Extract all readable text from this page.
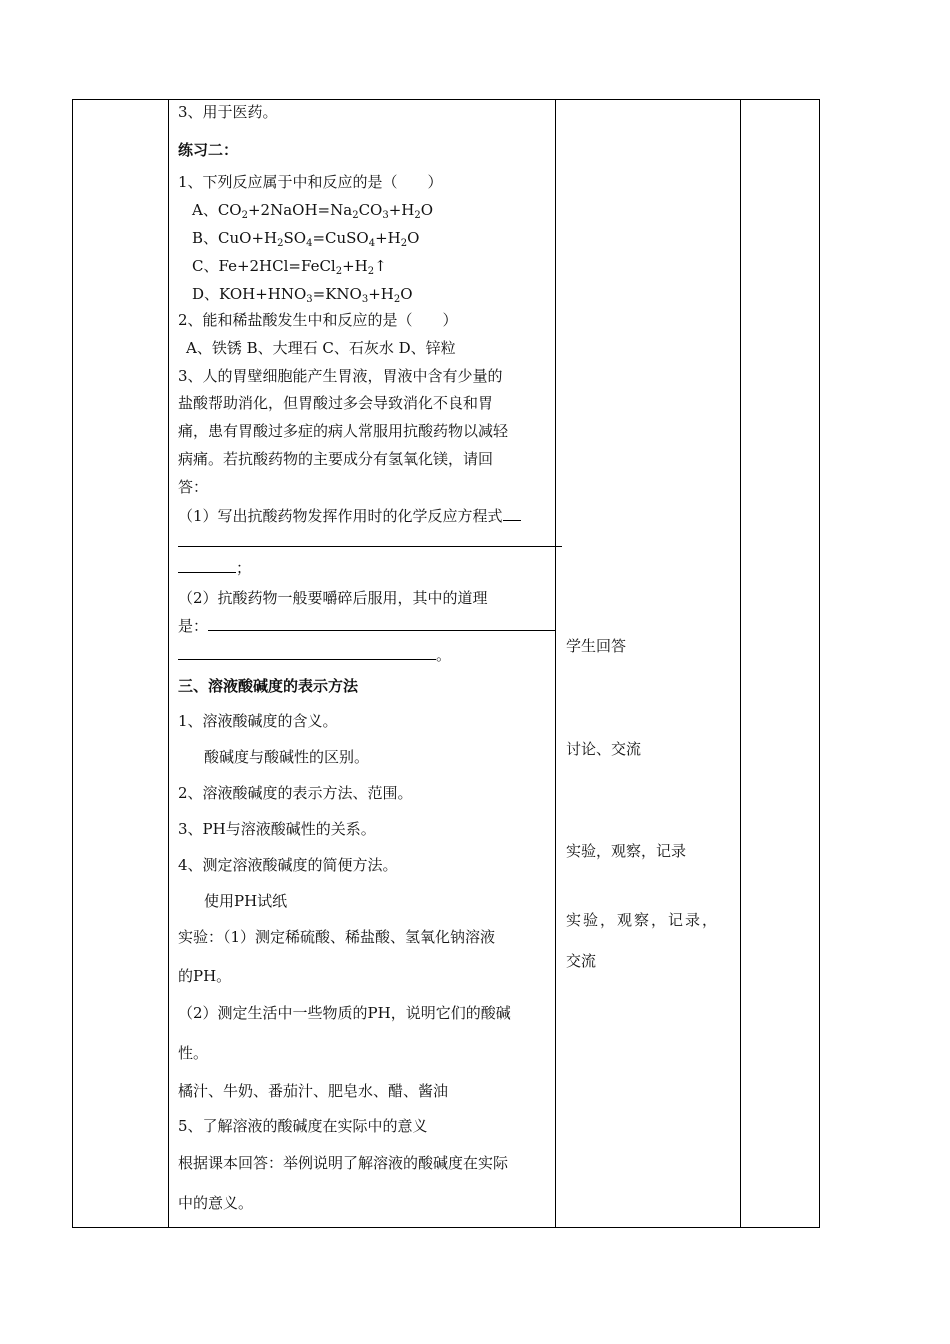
3、用于医药。
练习二：
1、下列反应属于中和反应的是（　　）
A、$CO_2+2NaOH=Na_2CO_3+H_2O$
B、$CuO+H_2SO_4=CuSO_4+H_2O$
C、$Fe+2HCl=FeCl_2+H_2↑$
D、$KOH+HNO_3=KNO_3+H_2O$
2、能和稀盐酸发生中和反应的是（　　）
A、铁锈 B、大理石 C、石灰水 D、锌粒
3、人的胃壁细胞能产生胃液，胃液中含有少量的
盐酸帮助消化，但胃酸过多会导致消化不良和胃
痛，患有胃酸过多症的病人常服用抗酸药物以减轻
病痛。若抗酸药物的主要成分有氢氧化镁，请回
答：
（1）写出抗酸药物发挥作用时的化学反应方程式
；
（2）抗酸药物一般要嚼碎后服用，其中的道理
是：
。
三、溶液酸碱度的表示方法
1、溶液酸碱度的含义。
酸碱度与酸碱性的区别。
2、溶液酸碱度的表示方法、范围。
3、PH与溶液酸碱性的关系。
4、测定溶液酸碱度的简便方法。
使用PH试纸
实验：（1）测定稀硫酸、稀盐酸、氢氧化钠溶液
的PH。
（2）测定生活中一些物质的PH，说明它们的酸碱
性。
橘汁、牛奶、番茄汁、肥皂水、醋、酱油
5、了解溶液的酸碱度在实际中的意义
根据课本回答：举例说明了解溶液的酸碱度在实际
中的意义。
学生回答
讨论、交流
实验，观察，记录
实验，观察，记录，
交流
